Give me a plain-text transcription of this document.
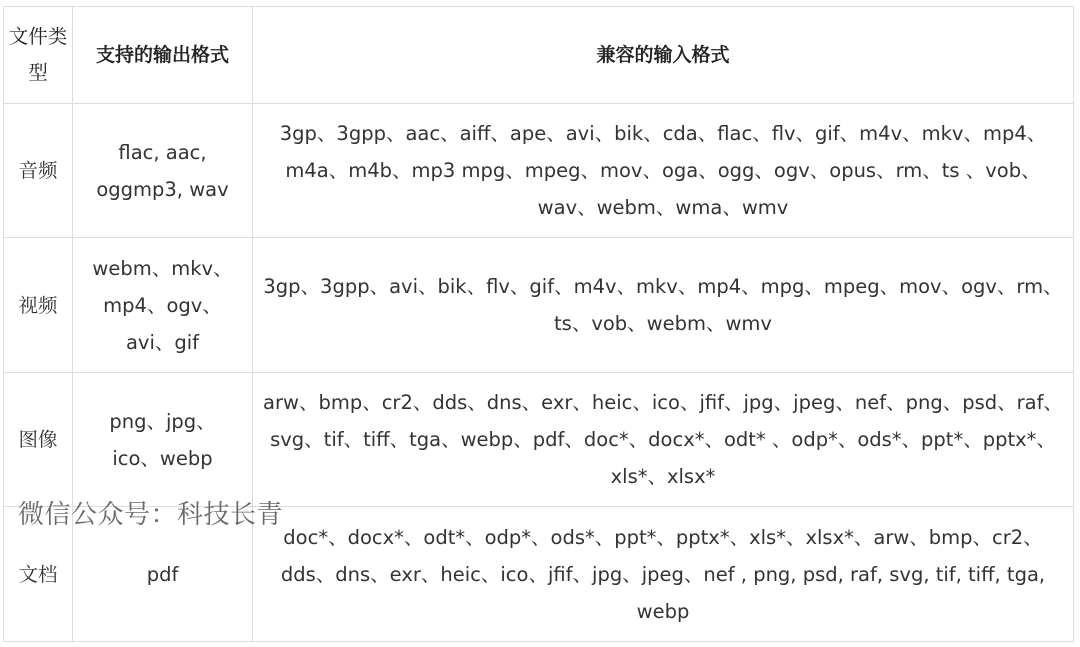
文件类型	支持的输出格式	兼容的输入格式
音频	flac, aac, oggmp3, wav	3gp、3gpp、aac、aiff、ape、avi、bik、cda、flac、flv、gif、m4v、mkv、mp4、m4a、m4b、mp3 mpg、mpeg、mov、oga、ogg、ogv、opus、rm、ts 、vob、wav、webm、wma、wmv
视频	webm、mkv、mp4、ogv、avi、gif	3gp、3gpp、avi、bik、flv、gif、m4v、mkv、mp4、mpg、mpeg、mov、ogv、rm、ts、vob、webm、wmv
图像	png、jpg、ico、webp	arw、bmp、cr2、dds、dns、exr、heic、ico、jfif、jpg、jpeg、nef、png、psd、raf、svg、tif、tiff、tga、webp、pdf、doc*、docx*、odt* 、odp*、ods*、ppt*、pptx*、xls*、xlsx*
文档	pdf	doc*、docx*、odt*、odp*、ods*、ppt*、pptx*、xls*、xlsx*、arw、bmp、cr2、dds、dns、exr、heic、ico、jfif、jpg、jpeg、nef , png, psd, raf, svg, tif, tiff, tga, webp
微信公众号：科技长青
